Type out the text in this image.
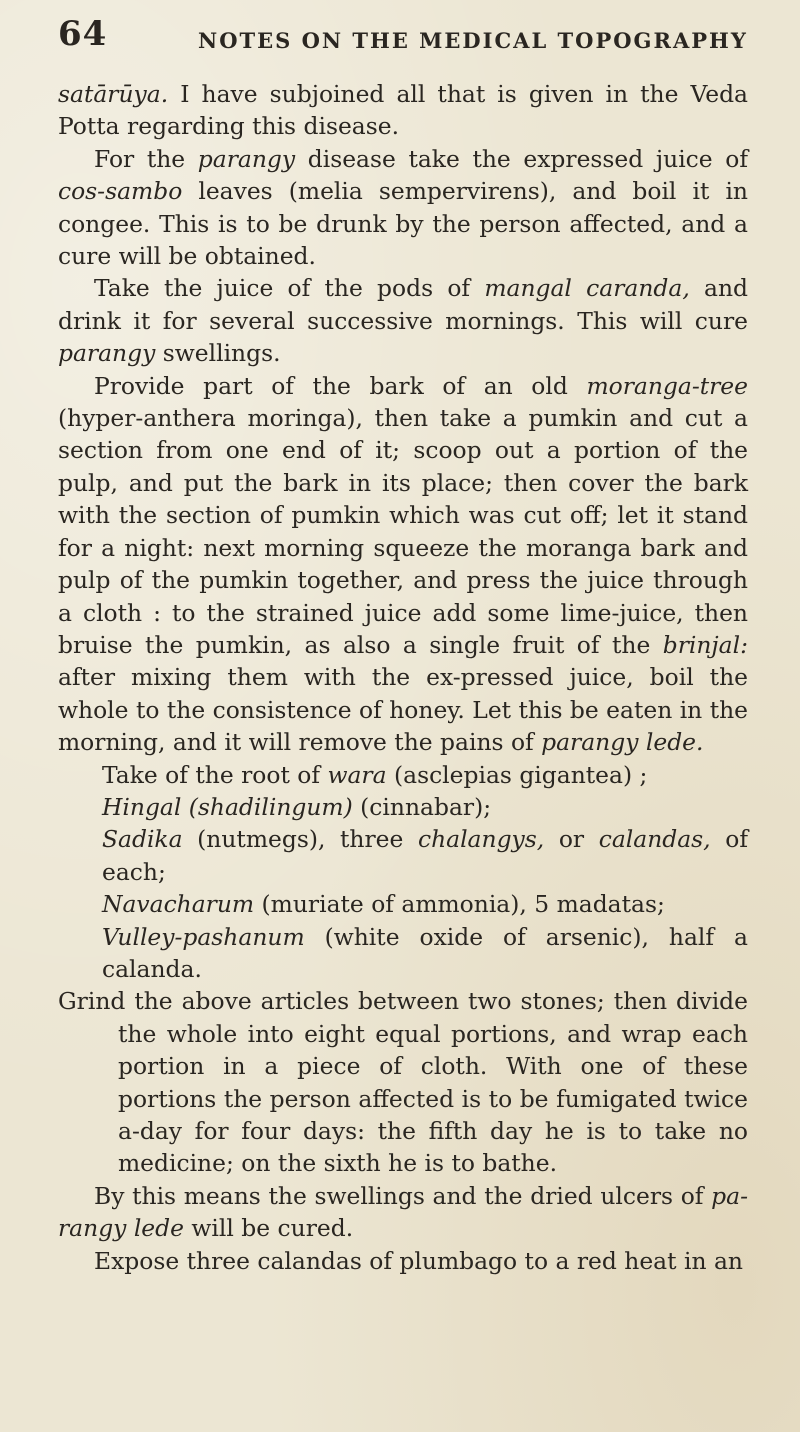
64	NOTES ON THE MEDICAL TOPOGRAPHY

satārūya. I have subjoined all that is given in the Veda Potta regarding this disease.

For the parangy disease take the expressed juice of cos-sambo leaves (melia sempervirens), and boil it in congee. This is to be drunk by the person affected, and a cure will be obtained.

Take the juice of the pods of mangal caranda, and drink it for several successive mornings. This will cure parangy swellings.

Provide part of the bark of an old moranga-tree (hyper-anthera moringa), then take a pumkin and cut a section from one end of it; scoop out a portion of the pulp, and put the bark in its place; then cover the bark with the section of pumkin which was cut off; let it stand for a night: next morning squeeze the moranga bark and pulp of the pumkin together, and press the juice through a cloth : to the strained juice add some lime-juice, then bruise the pumkin, as also a single fruit of the brinjal: after mixing them with the ex-pressed juice, boil the whole to the consistence of honey. Let this be eaten in the morning, and it will remove the pains of parangy lede.

Take of the root of wara (asclepias gigantea) ;

Hingal (shadilingum) (cinnabar);

Sadika (nutmegs), three chalangys, or calandas, of each;

Navacharum (muriate of ammonia), 5 madatas;

Vulley-pashanum (white oxide of arsenic), half a calanda.

Grind the above articles between two stones; then divide the whole into eight equal portions, and wrap each portion in a piece of cloth. With one of these portions the person affected is to be fumigated twice a-day for four days: the fifth day he is to take no medicine; on the sixth he is to bathe.

By this means the swellings and the dried ulcers of pa-rangy lede will be cured.

Expose three calandas of plumbago to a red heat in an
